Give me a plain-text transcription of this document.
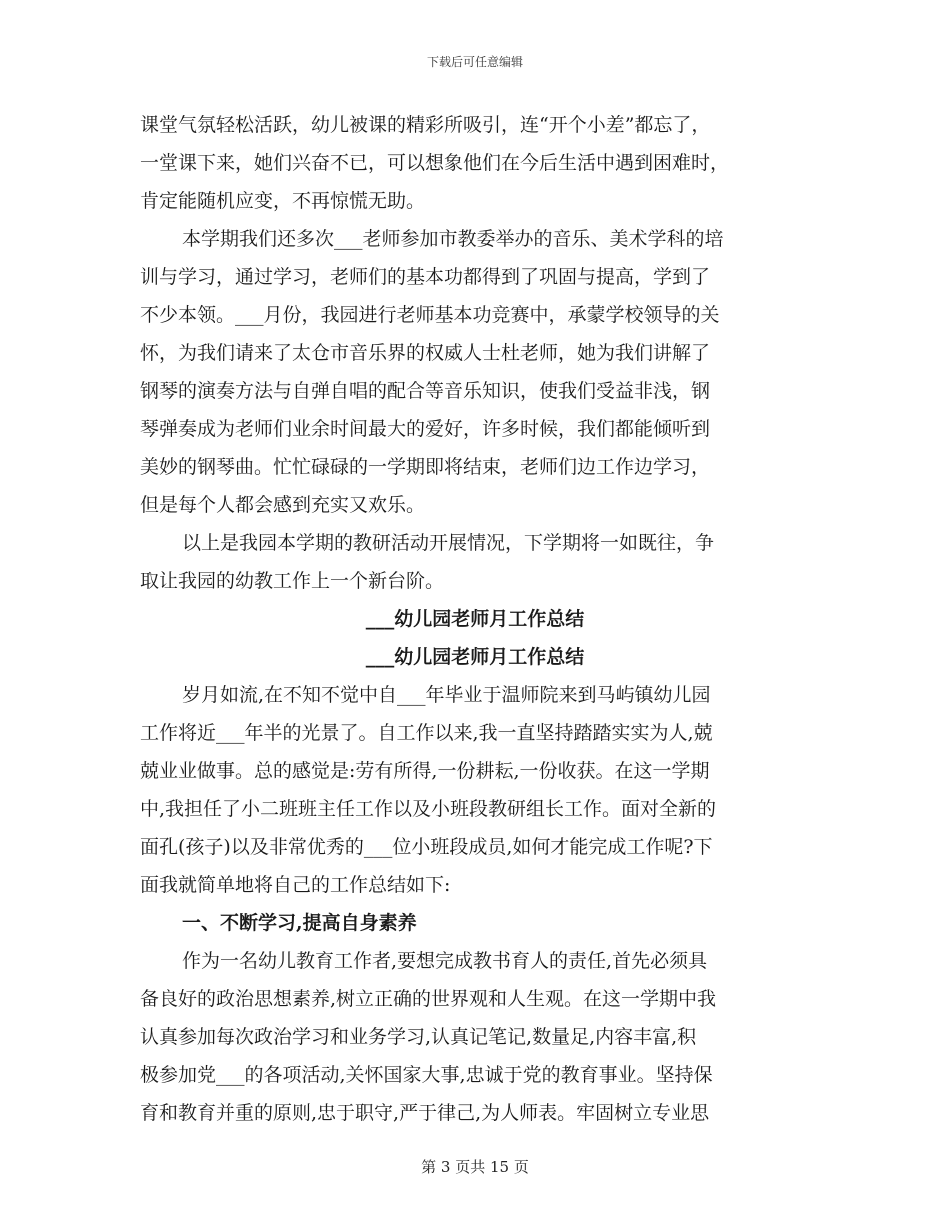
下载后可任意编辑
课堂气氛轻松活跃，幼儿被课的精彩所吸引，连“开个小差”都忘了，
一堂课下来，她们兴奋不已，可以想象他们在今后生活中遇到困难时，
肯定能随机应变，不再惊慌无助。
本学期我们还多次___老师参加市教委举办的音乐、美术学科的培
训与学习，通过学习，老师们的基本功都得到了巩固与提高，学到了
不少本领。___月份，我园进行老师基本功竞赛中，承蒙学校领导的关
怀，为我们请来了太仓市音乐界的权威人士杜老师，她为我们讲解了
钢琴的演奏方法与自弹自唱的配合等音乐知识，使我们受益非浅，钢
琴弹奏成为老师们业余时间最大的爱好，许多时候，我们都能倾听到
美妙的钢琴曲。忙忙碌碌的一学期即将结束，老师们边工作边学习，
但是每个人都会感到充实又欢乐。
以上是我园本学期的教研活动开展情况，下学期将一如既往，争
取让我园的幼教工作上一个新台阶。
___幼儿园老师月工作总结
___幼儿园老师月工作总结
岁月如流,在不知不觉中自___年毕业于温师院来到马屿镇幼儿园
工作将近___年半的光景了。自工作以来,我一直坚持踏踏实实为人,兢
兢业业做事。总的感觉是:劳有所得,一份耕耘,一份收获。在这一学期
中,我担任了小二班班主任工作以及小班段教研组长工作。面对全新的
面孔(孩子)以及非常优秀的___位小班段成员,如何才能完成工作呢?下
面我就简单地将自己的工作总结如下:
一、不断学习,提高自身素养
作为一名幼儿教育工作者,要想完成教书育人的责任,首先必须具
备良好的政治思想素养,树立正确的世界观和人生观。在这一学期中我
认真参加每次政治学习和业务学习,认真记笔记,数量足,内容丰富,积
极参加党___的各项活动,关怀国家大事,忠诚于党的教育事业。坚持保
育和教育并重的原则,忠于职守,严于律己,为人师表。牢固树立专业思
第 3 页共 15 页
